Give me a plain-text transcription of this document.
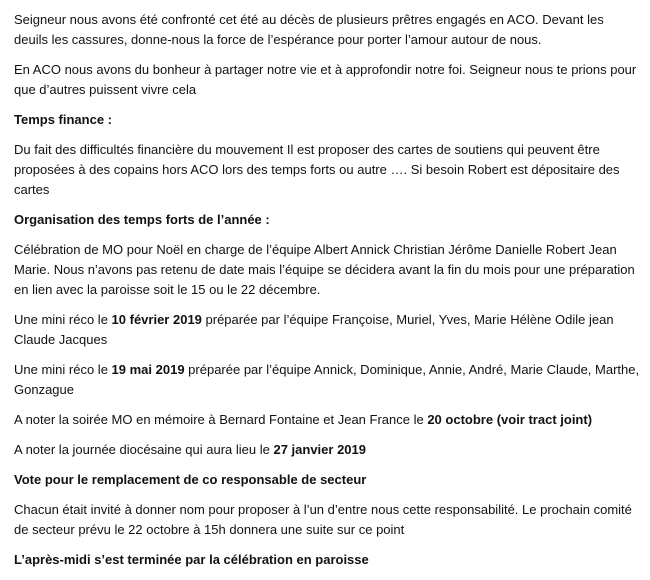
Seigneur nous avons été confronté cet été au décès de plusieurs prêtres engagés en ACO. Devant les deuils les cassures, donne-nous la force de l’espérance pour porter l’amour autour de nous.

En ACO nous avons du bonheur à partager notre vie et à approfondir notre foi. Seigneur nous te prions pour que d’autres puissent vivre cela

Temps finance :

Du fait des difficultés financière du mouvement Il est proposer des cartes de soutiens qui peuvent être proposées à des copains hors ACO lors des temps forts ou autre …. Si besoin Robert est dépositaire des cartes

Organisation des temps forts de l’année :

Célébration de MO pour Noël en charge de l’équipe Albert Annick Christian Jérôme Danielle Robert Jean Marie. Nous n’avons pas retenu de date mais l’équipe se décidera avant la fin du mois pour une préparation en lien avec la paroisse soit le 15 ou le 22 décembre.

Une mini réco le 10 février 2019 préparée par l’équipe Françoise, Muriel, Yves, Marie Hélène Odile jean Claude Jacques

Une mini réco le 19 mai 2019 préparée par l’équipe Annick, Dominique, Annie, André, Marie Claude, Marthe, Gonzague

A noter la soirée MO en mémoire à Bernard Fontaine et Jean France le 20 octobre (voir tract joint)

A noter la journée diocésaine qui aura lieu le 27 janvier 2019

Vote pour le remplacement de co responsable de secteur

Chacun était invité à donner nom pour proposer à l’un d’entre nous cette responsabilité. Le prochain comité de secteur prévu le 22 octobre à 15h donnera une suite sur ce point

L’après-midi s’est terminée par la célébration en paroisse
